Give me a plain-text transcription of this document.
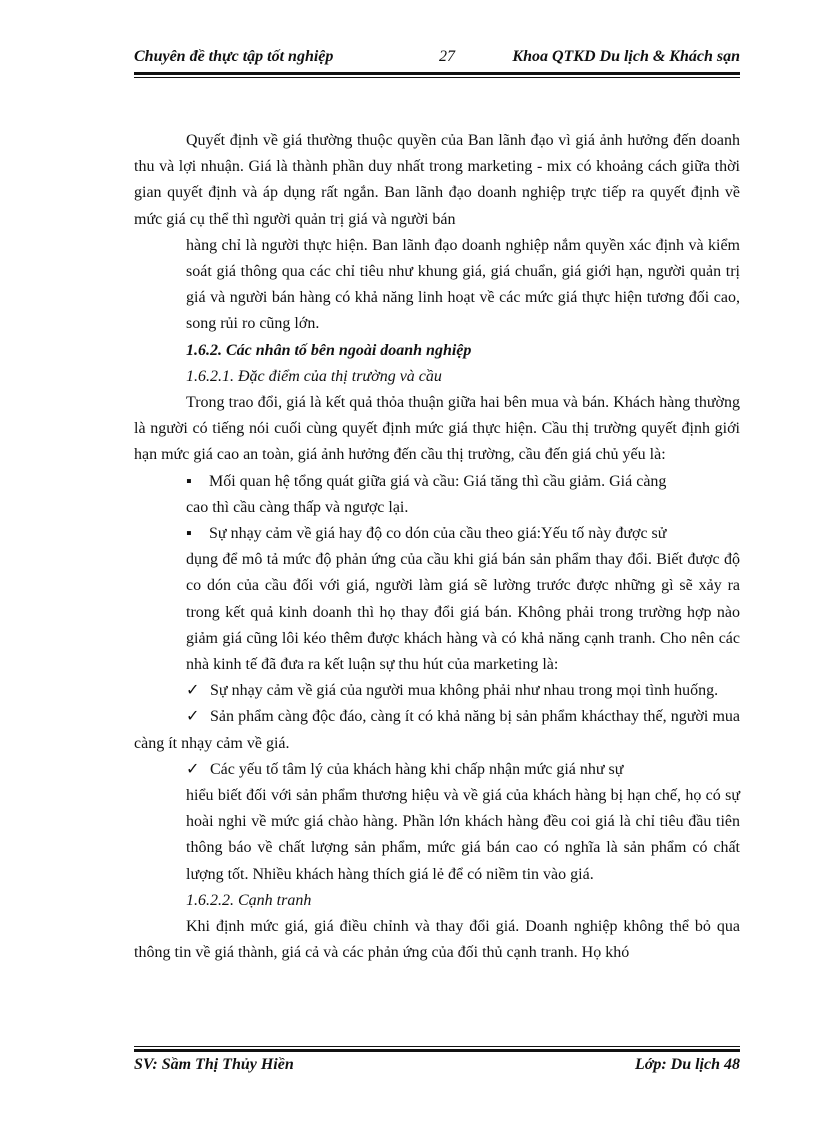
Chuyên đề thực tập tốt nghiệp	27	Khoa QTKD Du lịch & Khách sạn

Quyết định về giá thường thuộc quyền của Ban lãnh đạo vì giá ảnh hưởng đến doanh thu và lợi nhuận. Giá là thành phần duy nhất trong marketing - mix có khoảng cách giữa thời gian quyết định và áp dụng rất ngắn. Ban lãnh đạo doanh nghiệp trực tiếp ra quyết định về mức giá cụ thể thì người quản trị giá và người bán

hàng chỉ là người thực hiện. Ban lãnh đạo doanh nghiệp nắm quyền xác định và kiểm soát giá thông qua các chỉ tiêu như khung giá, giá chuẩn, giá giới hạn, người quản trị giá và người bán hàng có khả năng linh hoạt về các mức giá thực hiện tương đối cao, song rủi ro cũng lớn.

1.6.2. Các nhân tố bên ngoài doanh nghiệp

1.6.2.1. Đặc điểm của thị trường và cầu

Trong trao đổi, giá là kết quả thỏa thuận giữa hai bên mua và bán. Khách hàng thường là người có tiếng nói cuối cùng quyết định mức giá thực hiện. Cầu thị trường quyết định giới hạn mức giá cao an toàn, giá ảnh hưởng đến cầu thị trường, cầu đến giá chủ yếu là:

▪	Mối quan hệ tổng quát giữa giá và cầu: Giá tăng thì cầu giảm. Giá càng

cao thì cầu càng thấp và ngược lại.

▪	Sự nhạy cảm về giá hay độ co dón của cầu theo giá:Yếu tố này được sử

dụng để mô tả mức độ phản ứng của cầu khi giá bán sản phẩm thay đổi. Biết được độ co dón của cầu đối với giá, người làm giá sẽ lường trước được những gì sẽ xảy ra trong kết quả kinh doanh thì họ thay đổi giá bán. Không phải trong trường hợp nào giảm giá cũng lôi kéo thêm được khách hàng và có khả năng cạnh tranh. Cho nên các nhà kinh tế đã đưa ra kết luận sự thu hút của marketing là:

✓ Sự nhạy cảm về giá của người mua không phải như nhau trong mọi tình huống.

✓ Sản phẩm càng độc đáo, càng ít có khả năng bị sản phẩm khácthay thế, người mua càng ít nhạy cảm về giá.

✓ Các yếu tố tâm lý của khách hàng khi chấp nhận mức giá như sự

hiểu biết đối với sản phẩm thương hiệu và về giá của khách hàng bị hạn chế, họ có sự hoài nghi về mức giá chào hàng. Phần lớn khách hàng đều coi giá là chỉ tiêu đầu tiên thông báo về chất lượng sản phẩm, mức giá bán cao có nghĩa là sản phẩm có chất lượng tốt. Nhiều khách hàng thích giá lẻ để có niềm tin vào giá.

1.6.2.2. Cạnh tranh

Khi định mức giá, giá điều chỉnh và thay đổi giá. Doanh nghiệp không thể bỏ qua thông tin về giá thành, giá cả và các phản ứng của đối thủ cạnh tranh. Họ khó

SV: Sầm Thị Thủy Hiền	Lớp: Du lịch 48
